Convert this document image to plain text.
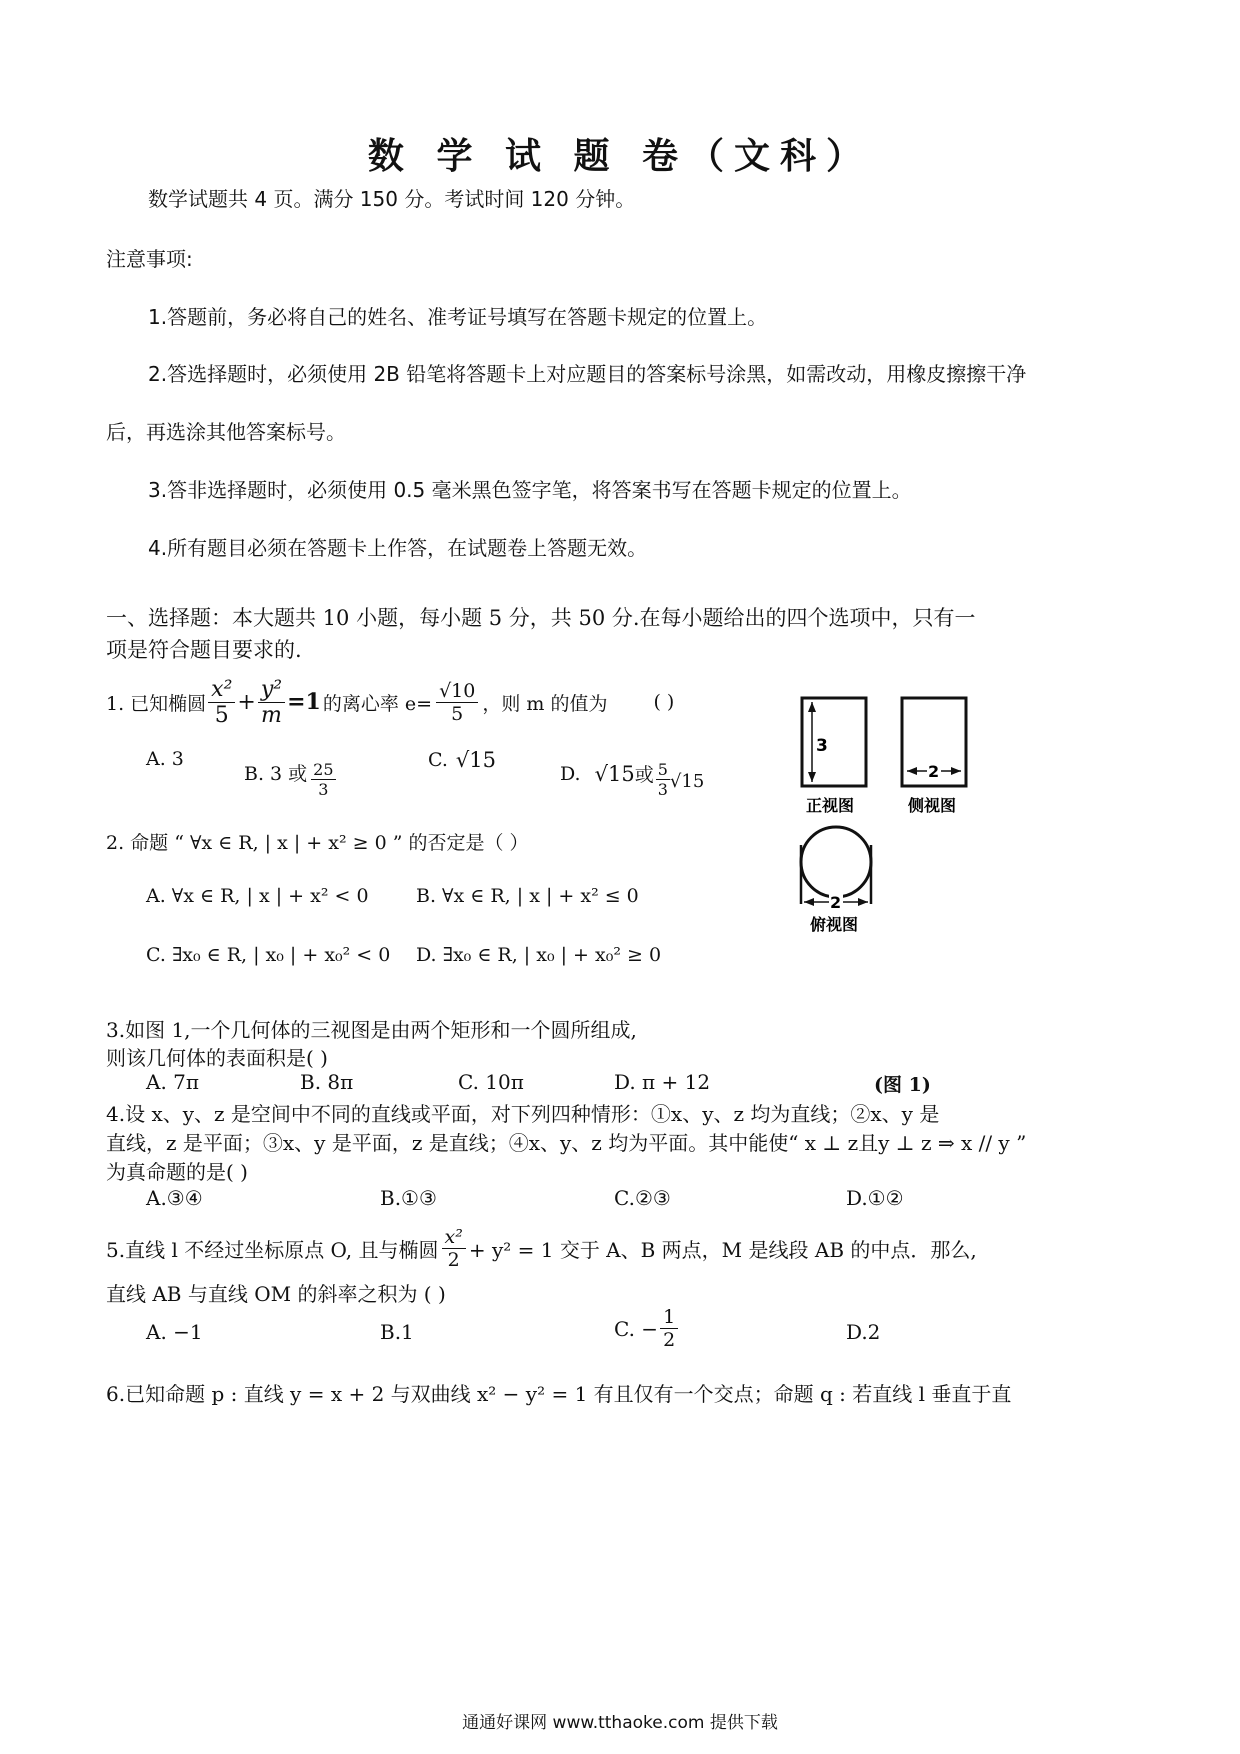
数 学 试 题 卷（文科）
数学试题共 4 页。满分 150 分。考试时间 120 分钟。
注意事项:
1.答题前，务必将自己的姓名、准考证号填写在答题卡规定的位置上。
2.答选择题时，必须使用 2B 铅笔将答题卡上对应题目的答案标号涂黑，如需改动，用橡皮擦擦干净
后，再选涂其他答案标号。
3.答非选择题时，必须使用 0.5 毫米黑色签字笔，将答案书写在答题卡规定的位置上。
4.所有题目必须在答题卡上作答，在试题卷上答题无效。
一、选择题：本大题共 10 小题，每小题 5 分，共 50 分.在每小题给出的四个选项中，只有一
项是符合题目要求的.
1. 已知椭圆 $\frac{\text{x²}}{5} + \frac{\text{y²}}{m} =1$ 的离心率 $e= \frac{√10}{5}$ ，则 m 的值为 ( )
A. 3
B. 3 或 $\frac{25}{3}$	C. √15
D. √15 或 $\frac{5}{3} √15$
3
正视图
2
侧视图
2
俯视图
2. 命题 “ ∀x ∈ R, | x | + x² ≥ 0 ” 的否定是（ ）
A. ∀x ∈ R, | x | + x² < 0 B. ∀x ∈ R, | x | + x² ≤ 0
C. ∃x₀ ∈ R, | x₀ | + x₀² < 0 D. ∃x₀ ∈ R, | x₀ | + x₀² ≥ 0
3.如图 1,一个几何体的三视图是由两个矩形和一个圆所组成,
则该几何体的表面积是( )
A. 7π	B. 8π	C. 10π	D. π + 12	(图 1)
4.设 x、y、z 是空间中不同的直线或平面，对下列四种情形：①x、y、z 均为直线；②x、y 是
直线，z 是平面；③x、y 是平面，z 是直线；④x、y、z 均为平面。其中能使“ x ⊥ z且y ⊥ z ⇒ x // y ”
为真命题的是( )
A.③④	B.①③	C.②③	D.①②
5.直线 l 不经过坐标原点 O, 且与椭圆 $\frac{\text{x²}}{2} + y^2 = 1$ 交于 A、B 两点，M 是线段 AB 的中点．那么,
直线 AB 与直线 OM 的斜率之积为 ( )
A. −1	B.1	C. − $\frac{1}{2}$	D.2
6.已知命题 p : 直线 y = x + 2 与双曲线 x² − y² = 1 有且仅有一个交点；命题 q : 若直线 l 垂直于直
通通好课网 www.tthaoke.com 提供下载
